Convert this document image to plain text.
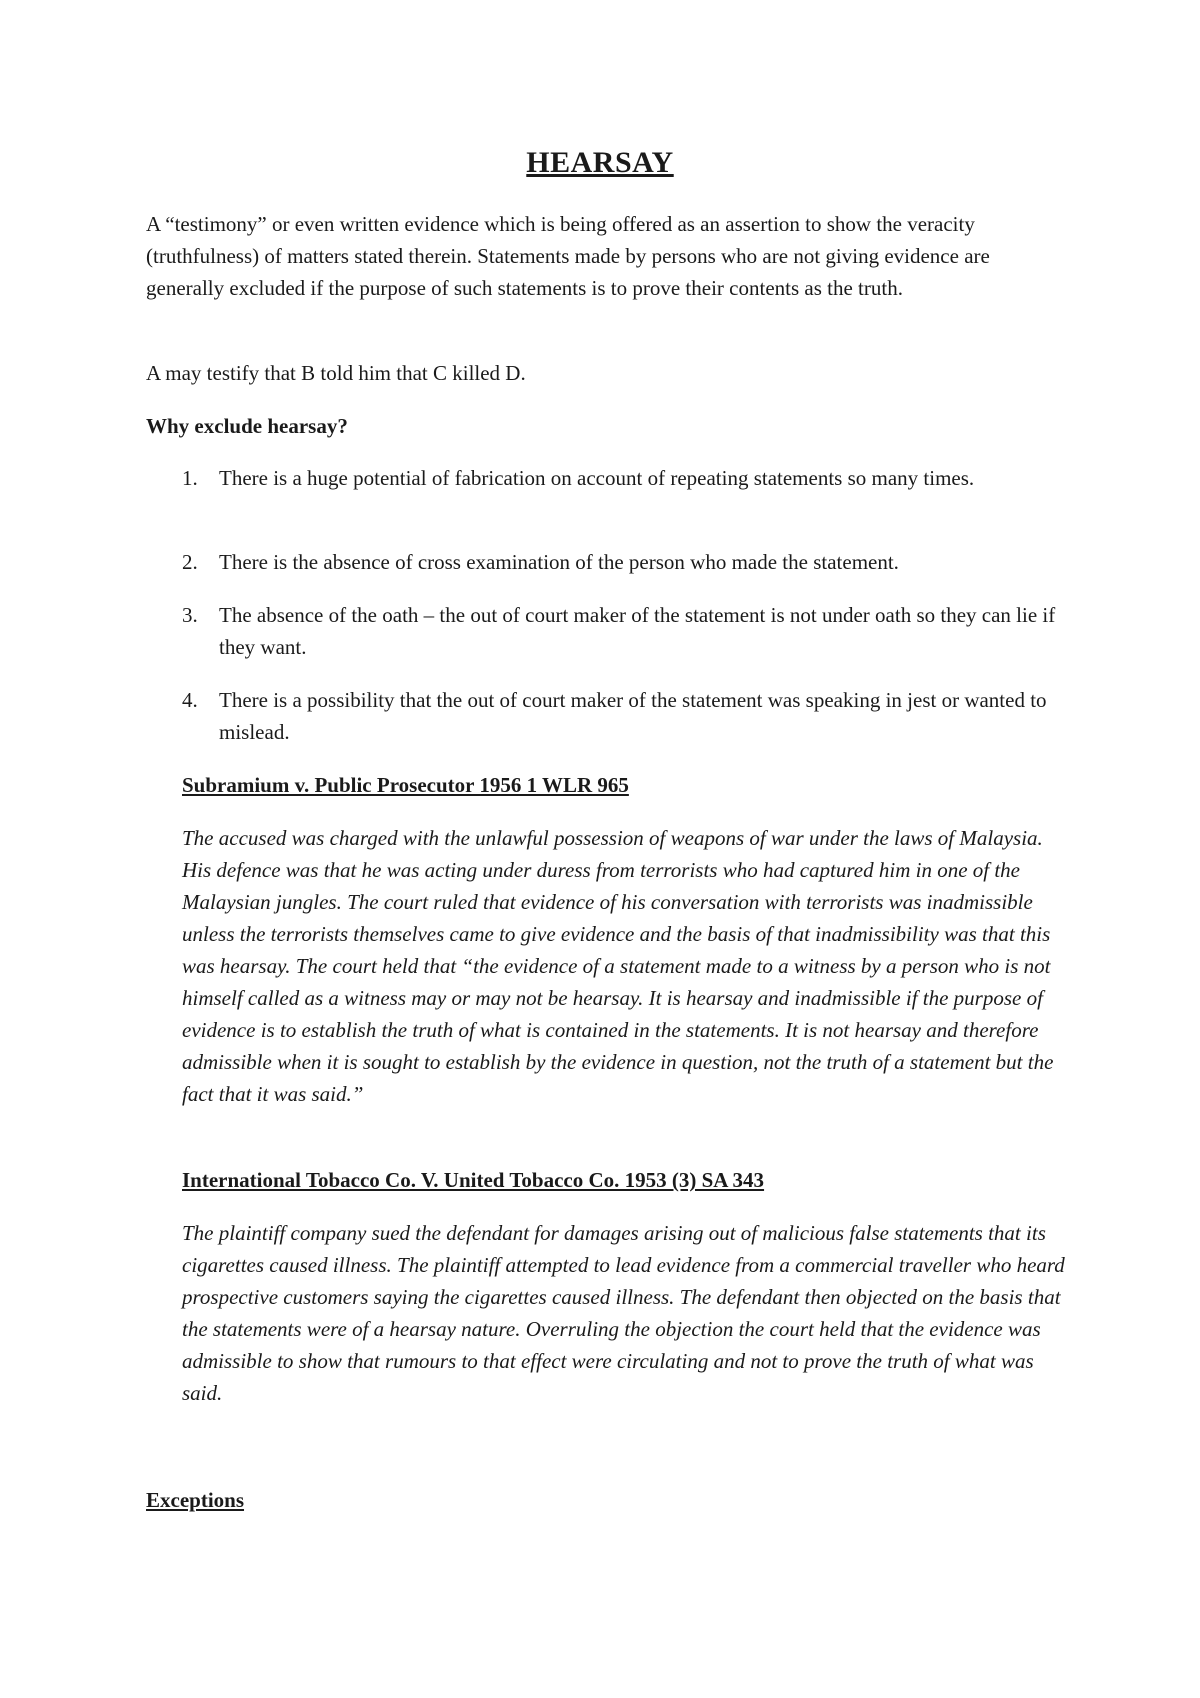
HEARSAY
A “testimony” or even written evidence which is being offered as an assertion to show the veracity (truthfulness) of matters stated therein. Statements made by persons who are not giving evidence are generally excluded if the purpose of such statements is to prove their contents as the truth.
A may testify that B told him that C killed D.
Why exclude hearsay?
1.	There is a huge potential of fabrication on account of repeating statements so many times.
2.	There is the absence of cross examination of the person who made the statement.
3.	The absence of the oath – the out of court maker of the statement is not under oath so they can lie if they want.
4.	There is a possibility that the out of court maker of the statement was speaking in jest or wanted to mislead.
Subramium v. Public Prosecutor 1956 1 WLR 965
The accused was charged with the unlawful possession of weapons of war under the laws of Malaysia. His defence was that he was acting under duress from terrorists who had captured him in one of the Malaysian jungles. The court ruled that evidence of his conversation with terrorists was inadmissible unless the terrorists themselves came to give evidence and the basis of that inadmissibility was that this was hearsay. The court held that “the evidence of a statement made to a witness by a person who is not himself called as a witness may or may not be hearsay. It is hearsay and inadmissible if the purpose of evidence is to establish the truth of what is contained in the statements. It is not hearsay and therefore admissible when it is sought to establish by the evidence in question, not the truth of a statement but the fact that it was said.”
International Tobacco Co. V. United Tobacco Co. 1953 (3) SA 343
The plaintiff company sued the defendant for damages arising out of malicious false statements that its cigarettes caused illness. The plaintiff attempted to lead evidence from a commercial traveller who heard prospective customers saying the cigarettes caused illness. The defendant then objected on the basis that the statements were of a hearsay nature. Overruling the objection the court held that the evidence was admissible to show that rumours to that effect were circulating and not to prove the truth of what was said.
Exceptions
